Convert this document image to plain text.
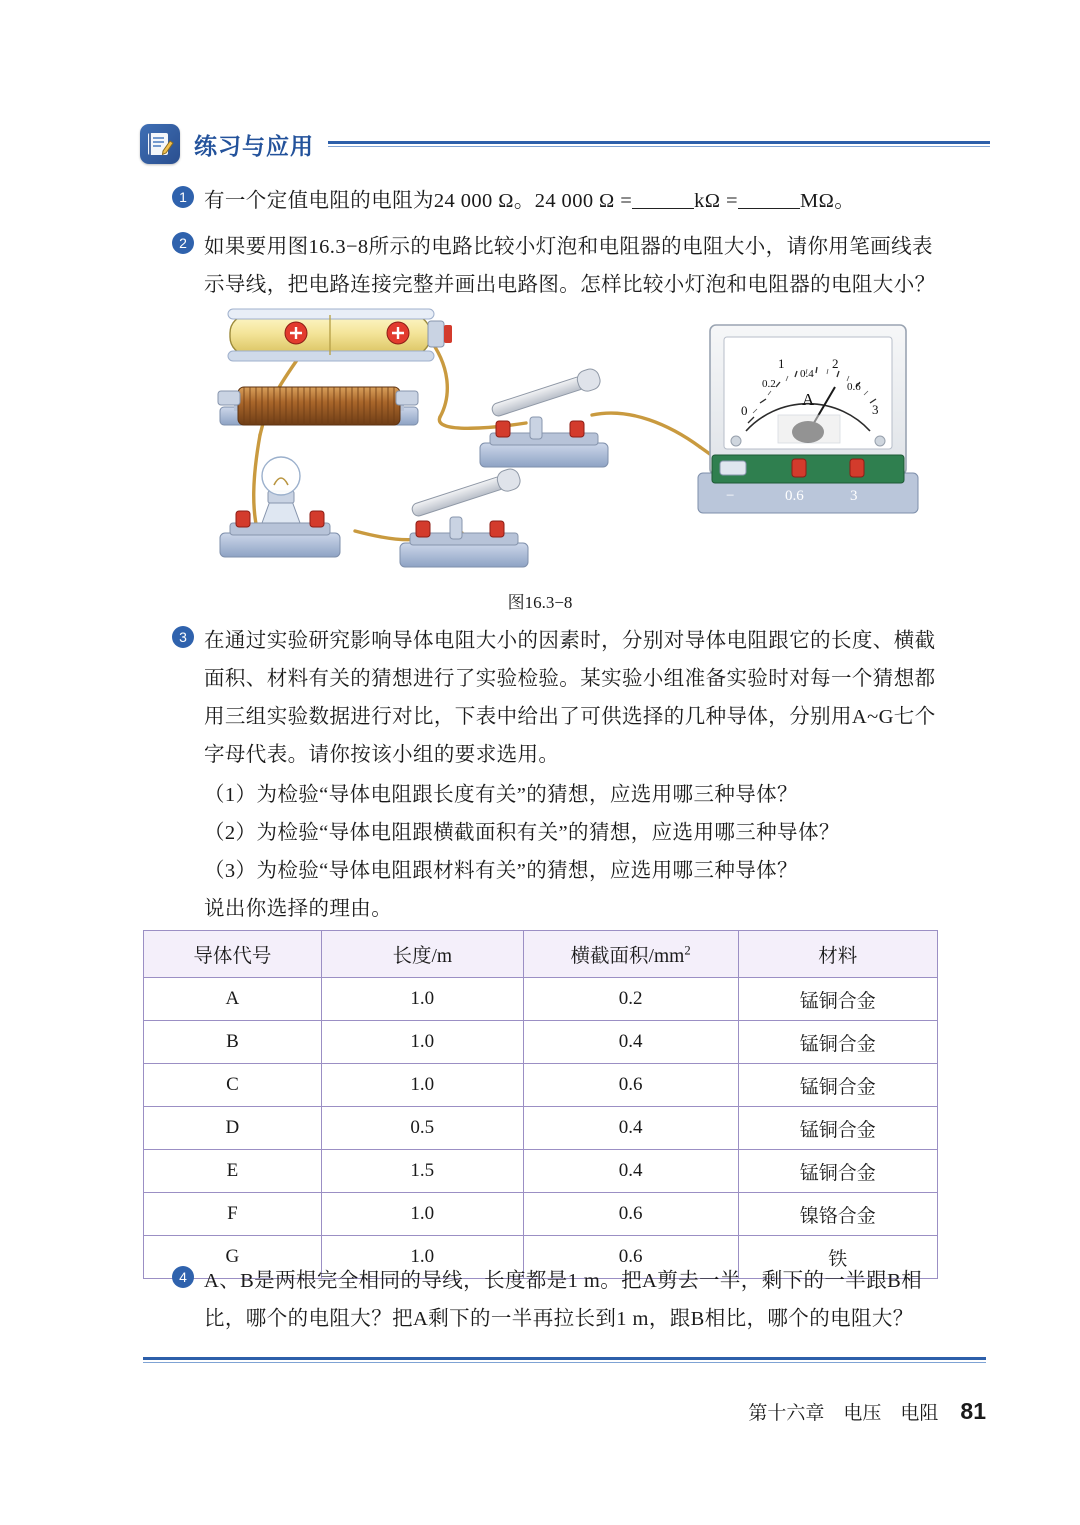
练习与应用
1 有一个定值电阻的电阻为24 000 Ω。24 000 Ω =	kΩ =	MΩ。
2 如果要用图16.3−8所示的电路比较小灯泡和电阻器的电阻大小，请你用笔画线表
示导线，把电路连接完整并画出电路图。怎样比较小灯泡和电阻器的电阻大小？
0
1	2
3
0.2
0.4
0.6
A
−	0.6	3
图16.3−8
3 在通过实验研究影响导体电阻大小的因素时，分别对导体电阻跟它的长度、横截
面积、材料有关的猜想进行了实验检验。某实验小组准备实验时对每一个猜想都
用三组实验数据进行对比，下表中给出了可供选择的几种导体，分别用A~G七个
字母代表。请你按该小组的要求选用。
（1）为检验“导体电阻跟长度有关”的猜想，应选用哪三种导体？
（2）为检验“导体电阻跟横截面积有关”的猜想，应选用哪三种导体？
（3）为检验“导体电阻跟材料有关”的猜想，应选用哪三种导体？
说出你选择的理由。
导体代号	长度/m	横截面积$/mm^2$	材料
A	1.0	0.2	锰铜合金
B	1.0	0.4	锰铜合金
C	1.0	0.6	锰铜合金
D	0.5	0.4	锰铜合金
E	1.5	0.4	锰铜合金
F	1.0	0.6	镍铬合金
G	1.0	0.6	铁
4 A、B是两根完全相同的导线，长度都是1 m。把A剪去一半，剩下的一半跟B相
比，哪个的电阻大？把A剩下的一半再拉长到1 m，跟B相比，哪个的电阻大？
第十六章　电压　电阻 81
